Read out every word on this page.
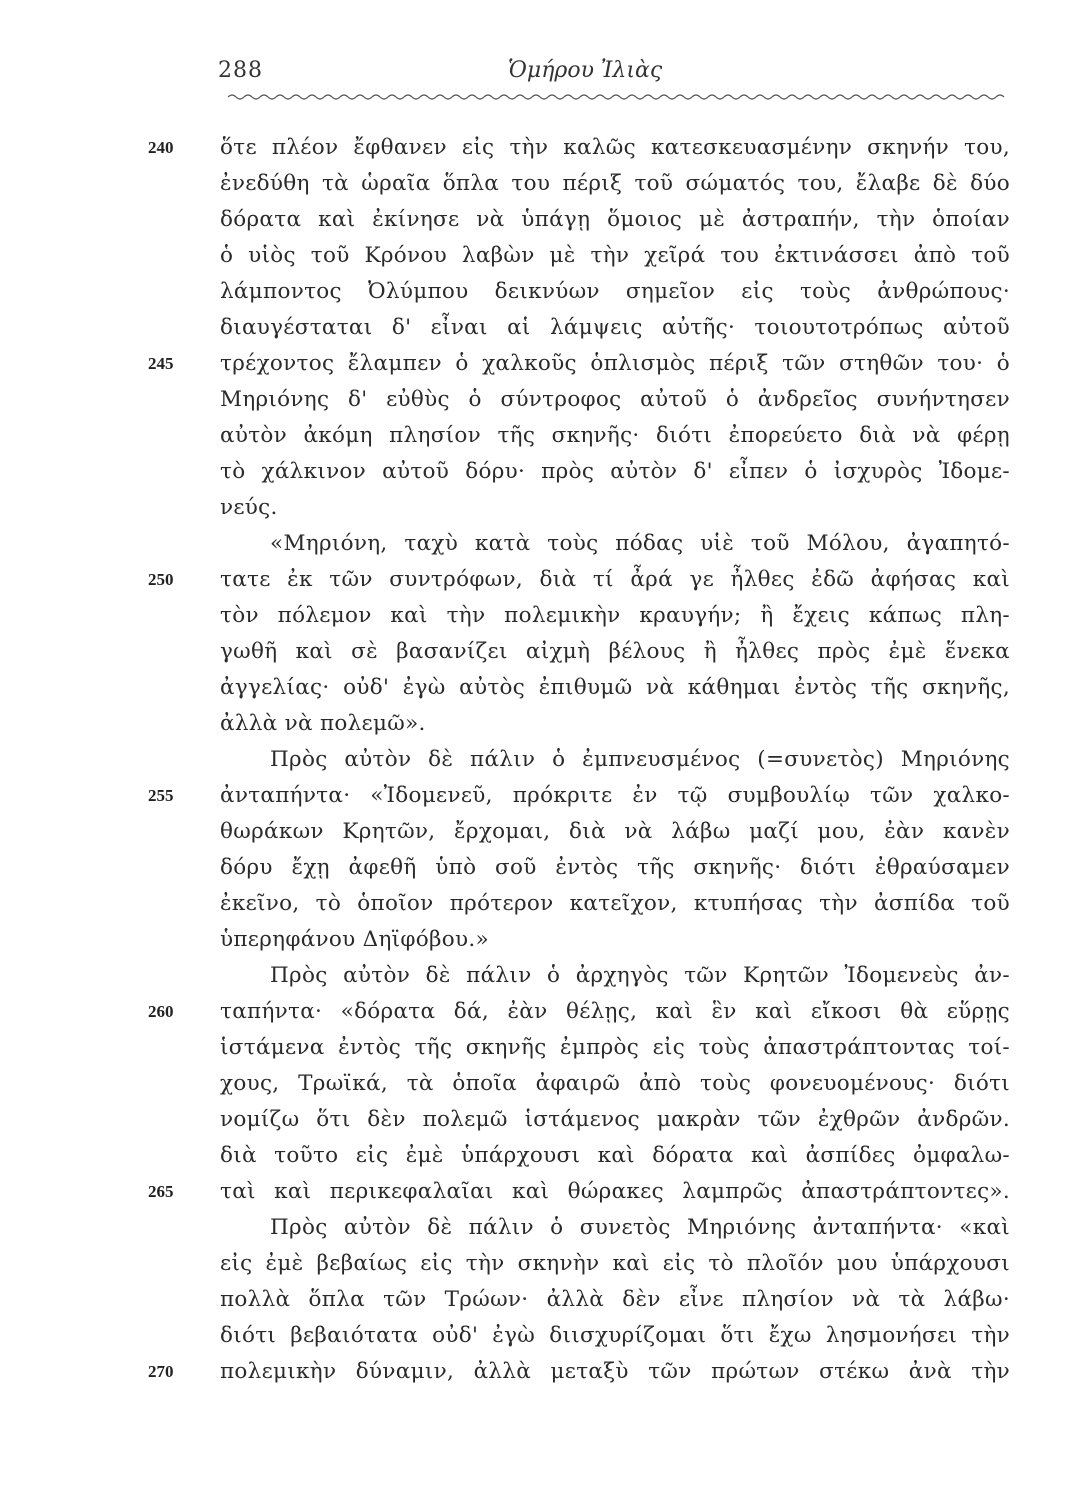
288	Ὁμήρου Ἰλιὰς
240
245
250
255
260
265
270
ὅτε πλέον ἔφθανεν εἰς τὴν καλῶς κατεσκευασμένην σκηνήν του,
ἐνεδύθη τὰ ὡραῖα ὅπλα του πέριξ τοῦ σώματός του, ἔλαβε δὲ δύο
δόρατα καὶ ἐκίνησε νὰ ὑπάγῃ ὅμοιος μὲ ἀστραπήν, τὴν ὁποίαν
ὁ υἱὸς τοῦ Κρόνου λαβὼν μὲ τὴν χεῖρά του ἐκτινάσσει ἀπὸ τοῦ
λάμποντος Ὀλύμπου δεικνύων σημεῖον εἰς τοὺς ἀνθρώπους·
διαυγέσταται δ' εἶναι αἱ λάμψεις αὐτῆς· τοιουτοτρόπως αὐτοῦ
τρέχοντος ἔλαμπεν ὁ χαλκοῦς ὁπλισμὸς πέριξ τῶν στηθῶν του· ὁ
Μηριόνης δ' εὐθὺς ὁ σύντροφος αὐτοῦ ὁ ἀνδρεῖος συνήντησεν
αὐτὸν ἀκόμη πλησίον τῆς σκηνῆς· διότι ἐπορεύετο διὰ νὰ φέρῃ
τὸ χάλκινον αὐτοῦ δόρυ· πρὸς αὐτὸν δ' εἶπεν ὁ ἰσχυρὸς Ἰδομε-
νεύς.
«Μηριόνη, ταχὺ κατὰ τοὺς πόδας υἱὲ τοῦ Μόλου, ἀγαπητό-
τατε ἐκ τῶν συντρόφων, διὰ τί ἆρά γε ἦλθες ἐδῶ ἀφήσας καὶ
τὸν πόλεμον καὶ τὴν πολεμικὴν κραυγήν; ἢ ἔχεις κάπως πλη-
γωθῆ καὶ σὲ βασανίζει αἰχμὴ βέλους ἢ ἦλθες πρὸς ἐμὲ ἕνεκα
ἀγγελίας· οὐδ' ἐγὼ αὐτὸς ἐπιθυμῶ νὰ κάθημαι ἐντὸς τῆς σκηνῆς,
ἀλλὰ νὰ πολεμῶ».
Πρὸς αὐτὸν δὲ πάλιν ὁ ἐμπνευσμένος (=συνετὸς) Μηριόνης
ἀνταπήντα· «Ἰδομενεῦ, πρόκριτε ἐν τῷ συμβουλίῳ τῶν χαλκο-
θωράκων Κρητῶν, ἔρχομαι, διὰ νὰ λάβω μαζί μου, ἐὰν κανὲν
δόρυ ἔχῃ ἀφεθῆ ὑπὸ σοῦ ἐντὸς τῆς σκηνῆς· διότι ἐθραύσαμεν
ἐκεῖνο, τὸ ὁποῖον πρότερον κατεῖχον, κτυπήσας τὴν ἀσπίδα τοῦ
ὑπερηφάνου Δηϊφόβου.»
Πρὸς αὐτὸν δὲ πάλιν ὁ ἀρχηγὸς τῶν Κρητῶν Ἰδομενεὺς ἀν-
ταπήντα· «δόρατα δά, ἐὰν θέλῃς, καὶ ἓν καὶ εἴκοσι θὰ εὕρῃς
ἱστάμενα ἐντὸς τῆς σκηνῆς ἐμπρὸς εἰς τοὺς ἀπαστράπτοντας τοί-
χους, Τρωϊκά, τὰ ὁποῖα ἀφαιρῶ ἀπὸ τοὺς φονευομένους· διότι
νομίζω ὅτι δὲν πολεμῶ ἱστάμενος μακρὰν τῶν ἐχθρῶν ἀνδρῶν.
διὰ τοῦτο εἰς ἐμὲ ὑπάρχουσι καὶ δόρατα καὶ ἀσπίδες ὀμφαλω-
ταὶ καὶ περικεφαλαῖαι καὶ θώρακες λαμπρῶς ἀπαστράπτοντες».
Πρὸς αὐτὸν δὲ πάλιν ὁ συνετὸς Μηριόνης ἀνταπήντα· «καὶ
εἰς ἐμὲ βεβαίως εἰς τὴν σκηνὴν καὶ εἰς τὸ πλοῖόν μου ὑπάρχουσι
πολλὰ ὅπλα τῶν Τρώων· ἀλλὰ δὲν εἶνε πλησίον νὰ τὰ λάβω·
διότι βεβαιότατα οὐδ' ἐγὼ διισχυρίζομαι ὅτι ἔχω λησμονήσει τὴν
πολεμικὴν δύναμιν, ἀλλὰ μεταξὺ τῶν πρώτων στέκω ἀνὰ τὴν
